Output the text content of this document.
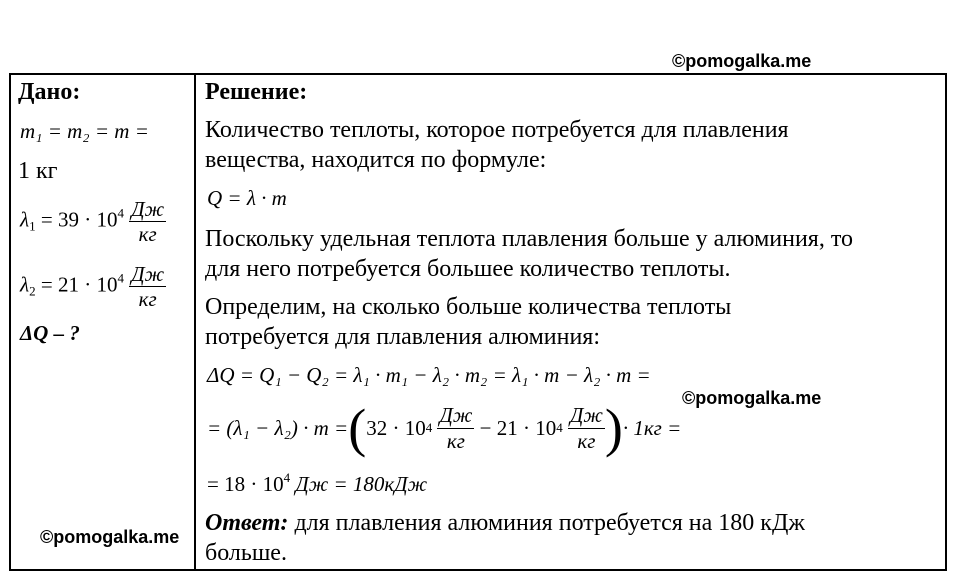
©pomogalka.me
Дано:
m₁ = m₂ = m =
1 кг
$\lambda_1 = 39 \cdot 10^4 \frac{Дж}{кг}$
$\lambda_2 = 21 \cdot 10^4 \frac{Дж}{кг}$
ΔQ – ?
Решение:
Количество теплоты, которое потребуется для плавления
вещества, находится по формуле:
Q = λ · m
Поскольку удельная теплота плавления больше у алюминия, то
для него потребуется большее количество теплоты.
Определим, на сколько больше количества теплоты
потребуется для плавления алюминия:
ΔQ = Q₁ − Q₂ = λ₁ · m₁ − λ₂ · m₂ = λ₁ · m − λ₂ · m =
©pomogalka.me
= (λ₁ − λ₂) · m = ( 32 · 10 4
$\frac{Дж}{кг}$
− 21 · 10 4
$\frac{Дж}{кг}$ ) · 1кг =
= $18 \cdot 10^4$ Дж = 180кДж
Ответ: для плавления алюминия потребуется на 180 кДж
больше.
©pomogalka.me
